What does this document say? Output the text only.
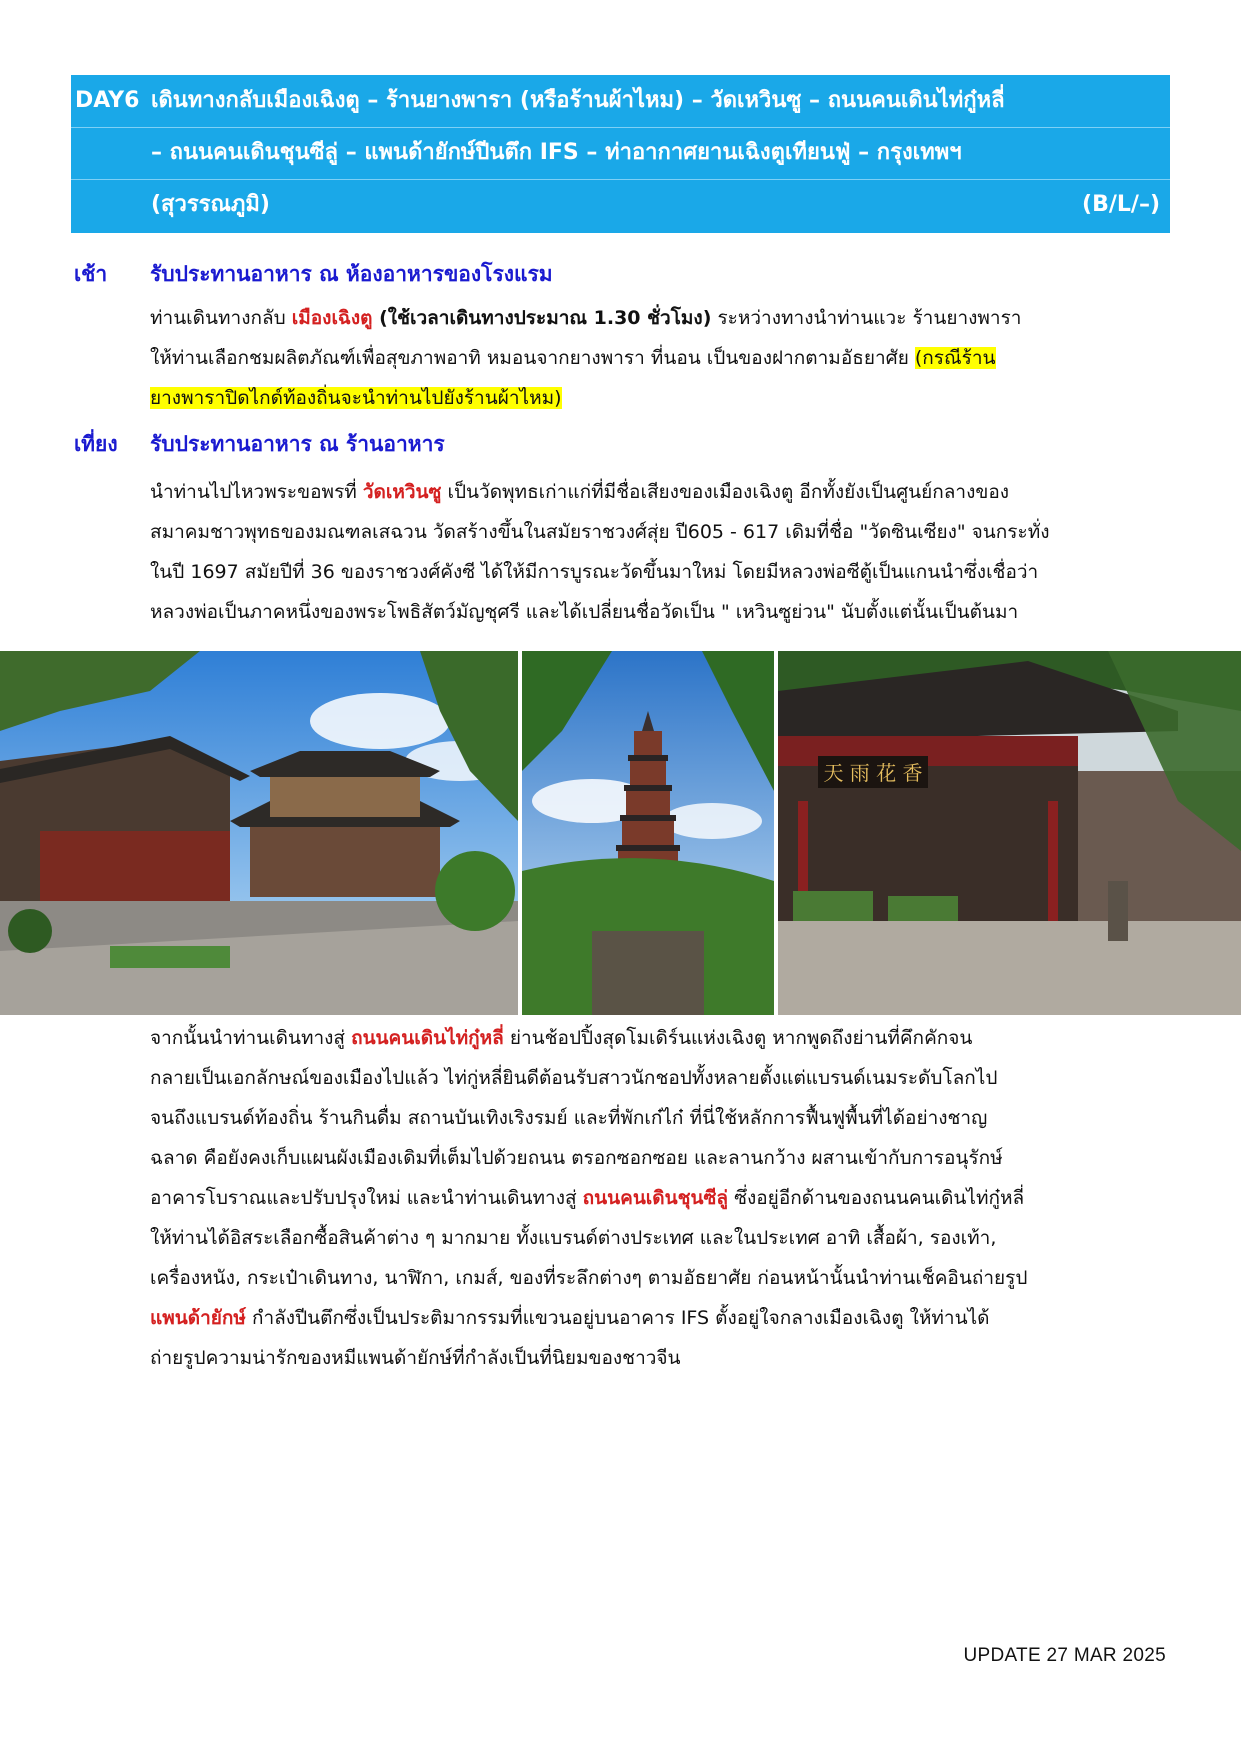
DAY6 เดินทางกลับเมืองเฉิงตู – ร้านยางพารา (หรือร้านผ้าไหม) – วัดเหวินซู – ถนนคนเดินไท่กู๋หลี่
– ถนนคนเดินชุนซีลู่ – แพนด้ายักษ์ปีนตึก IFS – ท่าอากาศยานเฉิงตูเทียนฟู่ – กรุงเทพฯ
(สุวรรณภูมิ)	(B/L/–)
เช้า รับประทานอาหาร ณ ห้องอาหารของโรงแรม
ท่านเดินทางกลับ เมืองเฉิงตู (ใช้เวลาเดินทางประมาณ 1.30 ชั่วโมง) ระหว่างทางนำท่านแวะ ร้านยางพารา
ให้ท่านเลือกชมผลิตภัณฑ์เพื่อสุขภาพอาทิ หมอนจากยางพารา ที่นอน เป็นของฝากตามอัธยาศัย (กรณีร้าน
ยางพาราปิดไกด์ท้องถิ่นจะนำท่านไปยังร้านผ้าไหม)
เที่ยง รับประทานอาหาร ณ ร้านอาหาร
นำท่านไปไหวพระขอพรที่ วัดเหวินซู เป็นวัดพุทธเก่าแก่ที่มีชื่อเสียงของเมืองเฉิงตู อีกทั้งยังเป็นศูนย์กลางของ
สมาคมชาวพุทธของมณฑลเสฉวน วัดสร้างขึ้นในสมัยราชวงศ์สุ่ย ปี605 - 617 เดิมที่ชื่อ "วัดซินเซียง" จนกระทั่ง
ในปี 1697 สมัยปีที่ 36 ของราชวงศ์คังซี ได้ให้มีการบูรณะวัดขึ้นมาใหม่ โดยมีหลวงพ่อซีตู้เป็นแกนนำซึ่งเชื่อว่า
หลวงพ่อเป็นภาคหนึ่งของพระโพธิสัตว์มัญชุศรี และได้เปลี่ยนชื่อวัดเป็น " เหวินซูย่วน" นับตั้งแต่นั้นเป็นต้นมา
天 雨 花 香
จากนั้นนำท่านเดินทางสู่ ถนนคนเดินไท่กู๋หลี่ ย่านช้อปปิ้งสุดโมเดิร์นแห่งเฉิงตู หากพูดถึงย่านที่คึกคักจน
กลายเป็นเอกลักษณ์ของเมืองไปแล้ว ไท่กู่หลี่ยินดีต้อนรับสาวนักชอปทั้งหลายตั้งแต่แบรนด์เนมระดับโลกไป
จนถึงแบรนด์ท้องถิ่น ร้านกินดื่ม สถานบันเทิงเริงรมย์ และที่พักเก๋ไก๋ ที่นี่ใช้หลักการฟื้นฟูพื้นที่ได้อย่างชาญ
ฉลาด คือยังคงเก็บแผนผังเมืองเดิมที่เต็มไปด้วยถนน ตรอกซอกซอย และลานกว้าง ผสานเข้ากับการอนุรักษ์
อาคารโบราณและปรับปรุงใหม่ และนำท่านเดินทางสู่ ถนนคนเดินชุนซีลู่ ซึ่งอยู่อีกด้านของถนนคนเดินไท่กู๋หลี่
ให้ท่านได้อิสระเลือกซื้อสินค้าต่าง ๆ มากมาย ทั้งแบรนด์ต่างประเทศ และในประเทศ อาทิ เสื้อผ้า, รองเท้า,
เครื่องหนัง, กระเป๋าเดินทาง, นาฬิกา, เกมส์, ของที่ระลึกต่างๆ ตามอัธยาศัย ก่อนหน้านั้นนำท่านเช็คอินถ่ายรูป
แพนด้ายักษ์ กำลังปีนตึกซึ่งเป็นประติมากรรมที่แขวนอยู่บนอาคาร IFS ตั้งอยู่ใจกลางเมืองเฉิงตู ให้ท่านได้
ถ่ายรูปความน่ารักของหมีแพนด้ายักษ์ที่กำลังเป็นที่นิยมของชาวจีน
UPDATE 27 MAR 2025
